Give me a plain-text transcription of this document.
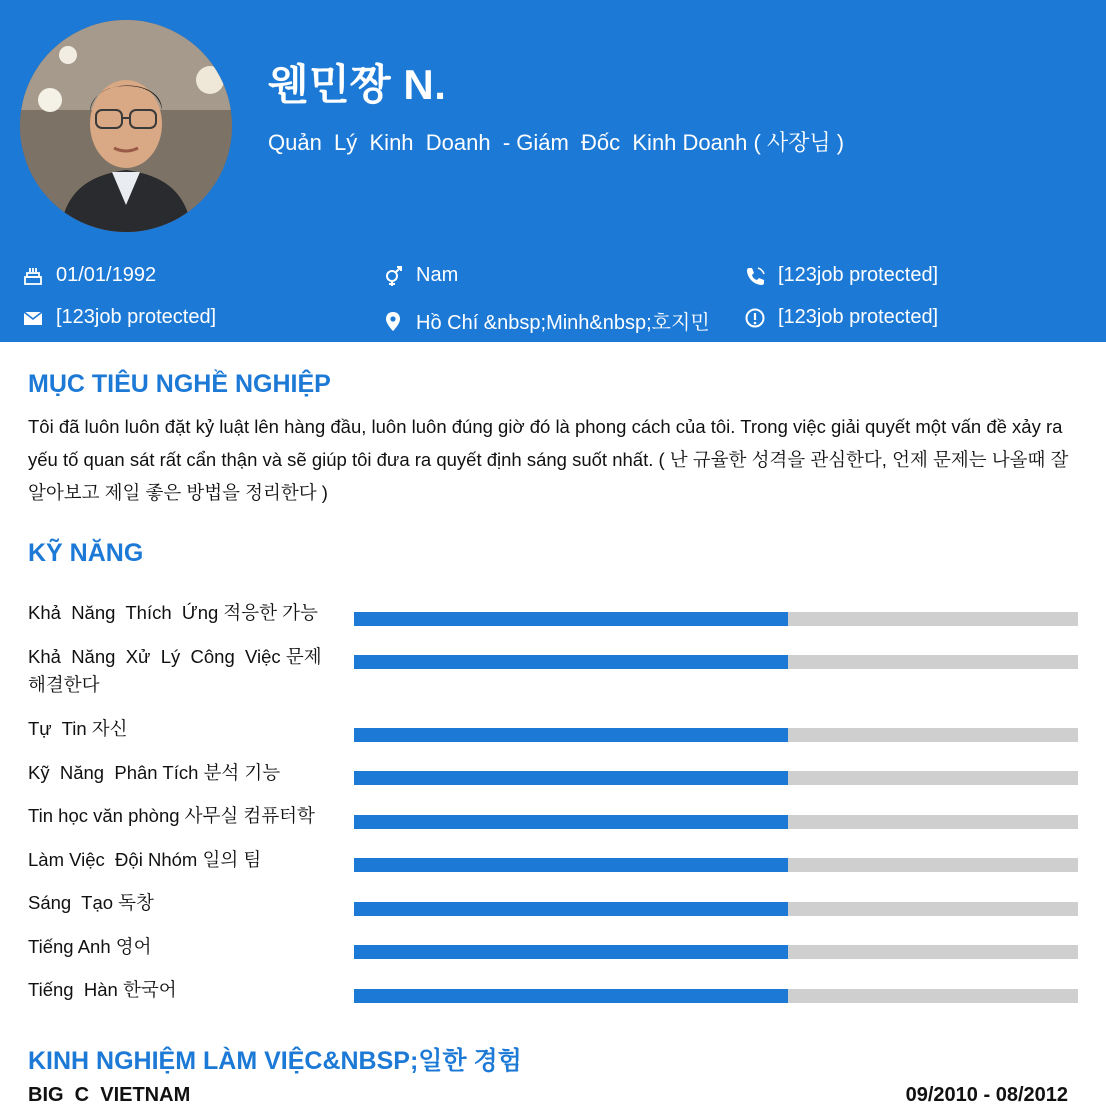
웬민짱 N.
Quản  Lý  Kinh  Doanh  - Giám  Đốc  Kinh Doanh ( 사장님 )
01/01/1992	Nam	[123job protected]
[123job protected]	Hồ Chí &nbsp;Minh&nbsp;호지민	[123job protected]
MỤC TIÊU NGHỀ NGHIỆP
Tôi đã luôn luôn đặt kỷ luật lên hàng đầu, luôn luôn đúng giờ đó là phong cách của tôi. Trong việc giải quyết một vấn đề xảy ra yếu tố quan sát rất cẩn thận và sẽ giúp tôi đưa ra quyết định sáng suốt nhất. ( 난 규율한 성격을 관심한다, 언제 문제는 나올때 잘 알아보고 제일 좋은 방법을 정리한다 )
KỸ NĂNG
Khả  Năng  Thích  Ứng 적응한 가능
Khả  Năng  Xử  Lý  Công  Việc 문제
해결한다
Tự  Tin 자신
Kỹ  Năng  Phân Tích 분석 기능
Tin học văn phòng 사무실 컴퓨터학
Làm Việc  Đội Nhóm 일의 팀
Sáng  Tạo 독창
Tiếng Anh 영어
Tiếng  Hàn 한국어
KINH NGHIỆM LÀM VIỆC&NBSP;일한 경험
BIG  C  VIETNAM	09/2010 - 08/2012
